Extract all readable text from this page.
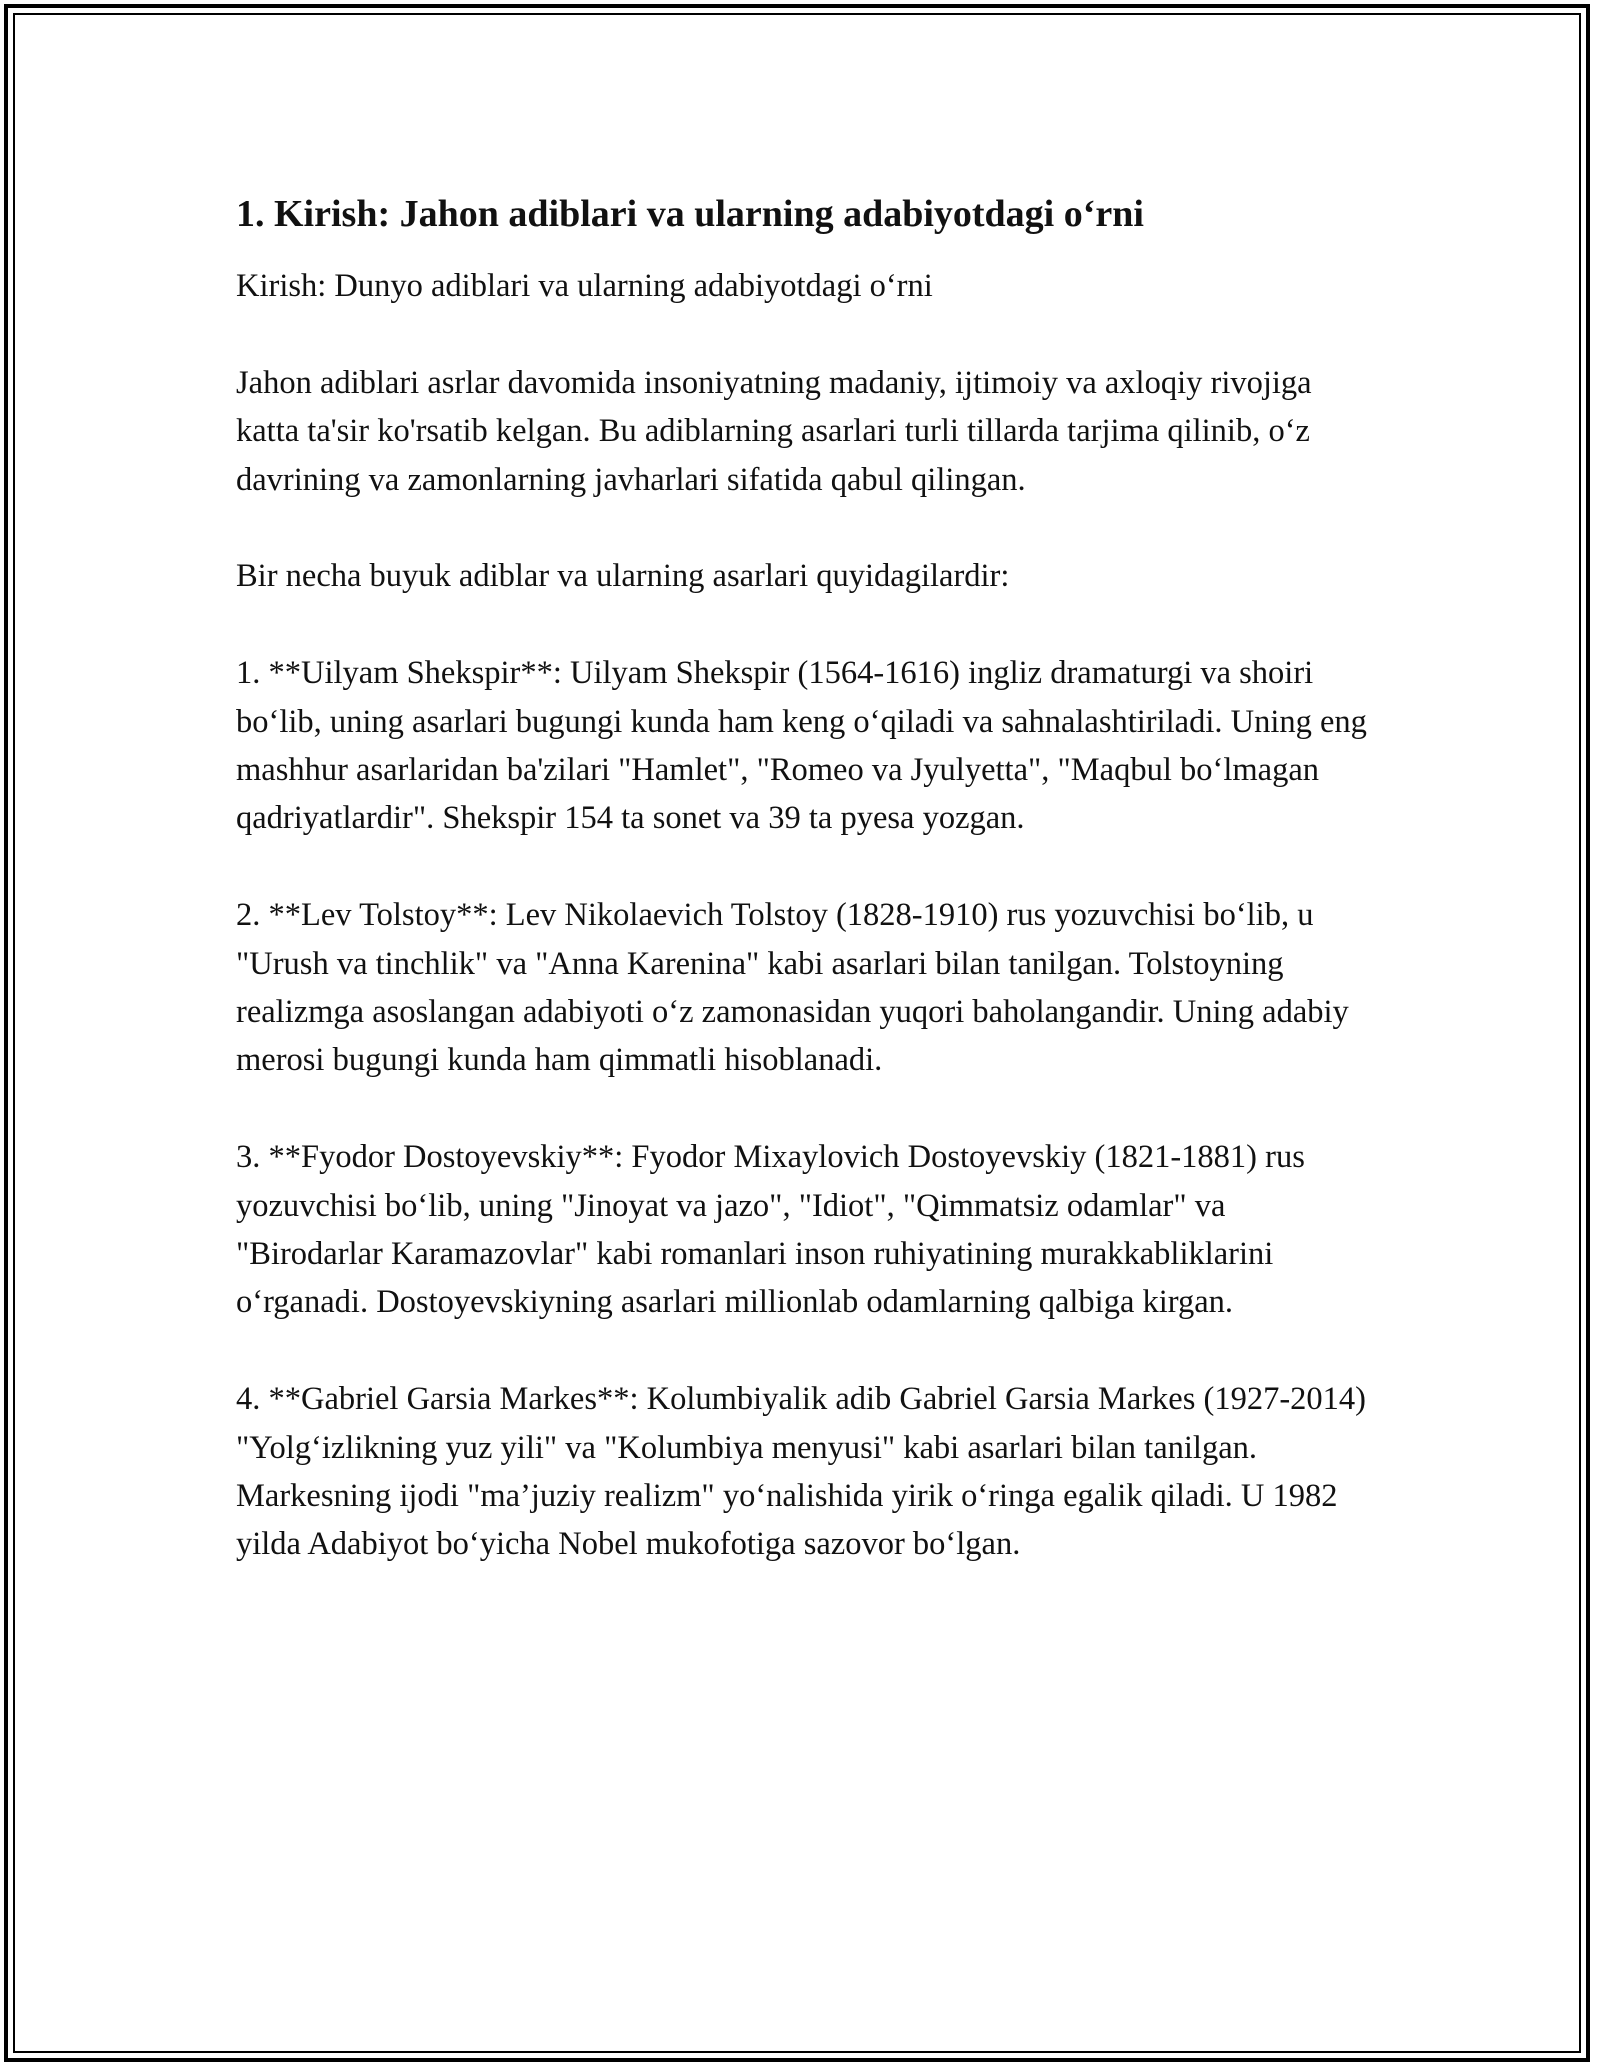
1. Kirish: Jahon adiblari va ularning adabiyotdagi o‘rni

Kirish: Dunyo adiblari va ularning adabiyotdagi o‘rni

Jahon adiblari asrlar davomida insoniyatning madaniy, ijtimoiy va axloqiy rivojiga katta ta'sir ko'rsatib kelgan. Bu adiblarning asarlari turli tillarda tarjima qilinib, o‘z davrining va zamonlarning javharlari sifatida qabul qilingan.

Bir necha buyuk adiblar va ularning asarlari quyidagilardir:

1. **Uilyam Shekspir**: Uilyam Shekspir (1564-1616) ingliz dramaturgi va shoiri bo‘lib, uning asarlari bugungi kunda ham keng o‘qiladi va sahnalashtiriladi. Uning eng mashhur asarlaridan ba'zilari "Hamlet", "Romeo va Jyulyetta", "Maqbul bo‘lmagan qadriyatlardir". Shekspir 154 ta sonet va 39 ta pyesa yozgan.

2. **Lev Tolstoy**: Lev Nikolaevich Tolstoy (1828-1910) rus yozuvchisi bo‘lib, u "Urush va tinchlik" va "Anna Karenina" kabi asarlari bilan tanilgan. Tolstoyning realizmga asoslangan adabiyoti o‘z zamonasidan yuqori baholangandir. Uning adabiy merosi bugungi kunda ham qimmatli hisoblanadi.

3. **Fyodor Dostoyevskiy**: Fyodor Mixaylovich Dostoyevskiy (1821-1881) rus yozuvchisi bo‘lib, uning "Jinoyat va jazo", "Idiot", "Qimmatsiz odamlar" va "Birodarlar Karamazovlar" kabi romanlari inson ruhiyatining murakkabliklarini o‘rganadi. Dostoyevskiyning asarlari millionlab odamlarning qalbiga kirgan.

4. **Gabriel Garsia Markes**: Kolumbiyalik adib Gabriel Garsia Markes (1927-2014) "Yolg‘izlikning yuz yili" va "Kolumbiya menyusi" kabi asarlari bilan tanilgan. Markesning ijodi "ma’juziy realizm" yo‘nalishida yirik o‘ringa egalik qiladi. U 1982 yilda Adabiyot bo‘yicha Nobel mukofotiga sazovor bo‘lgan.
